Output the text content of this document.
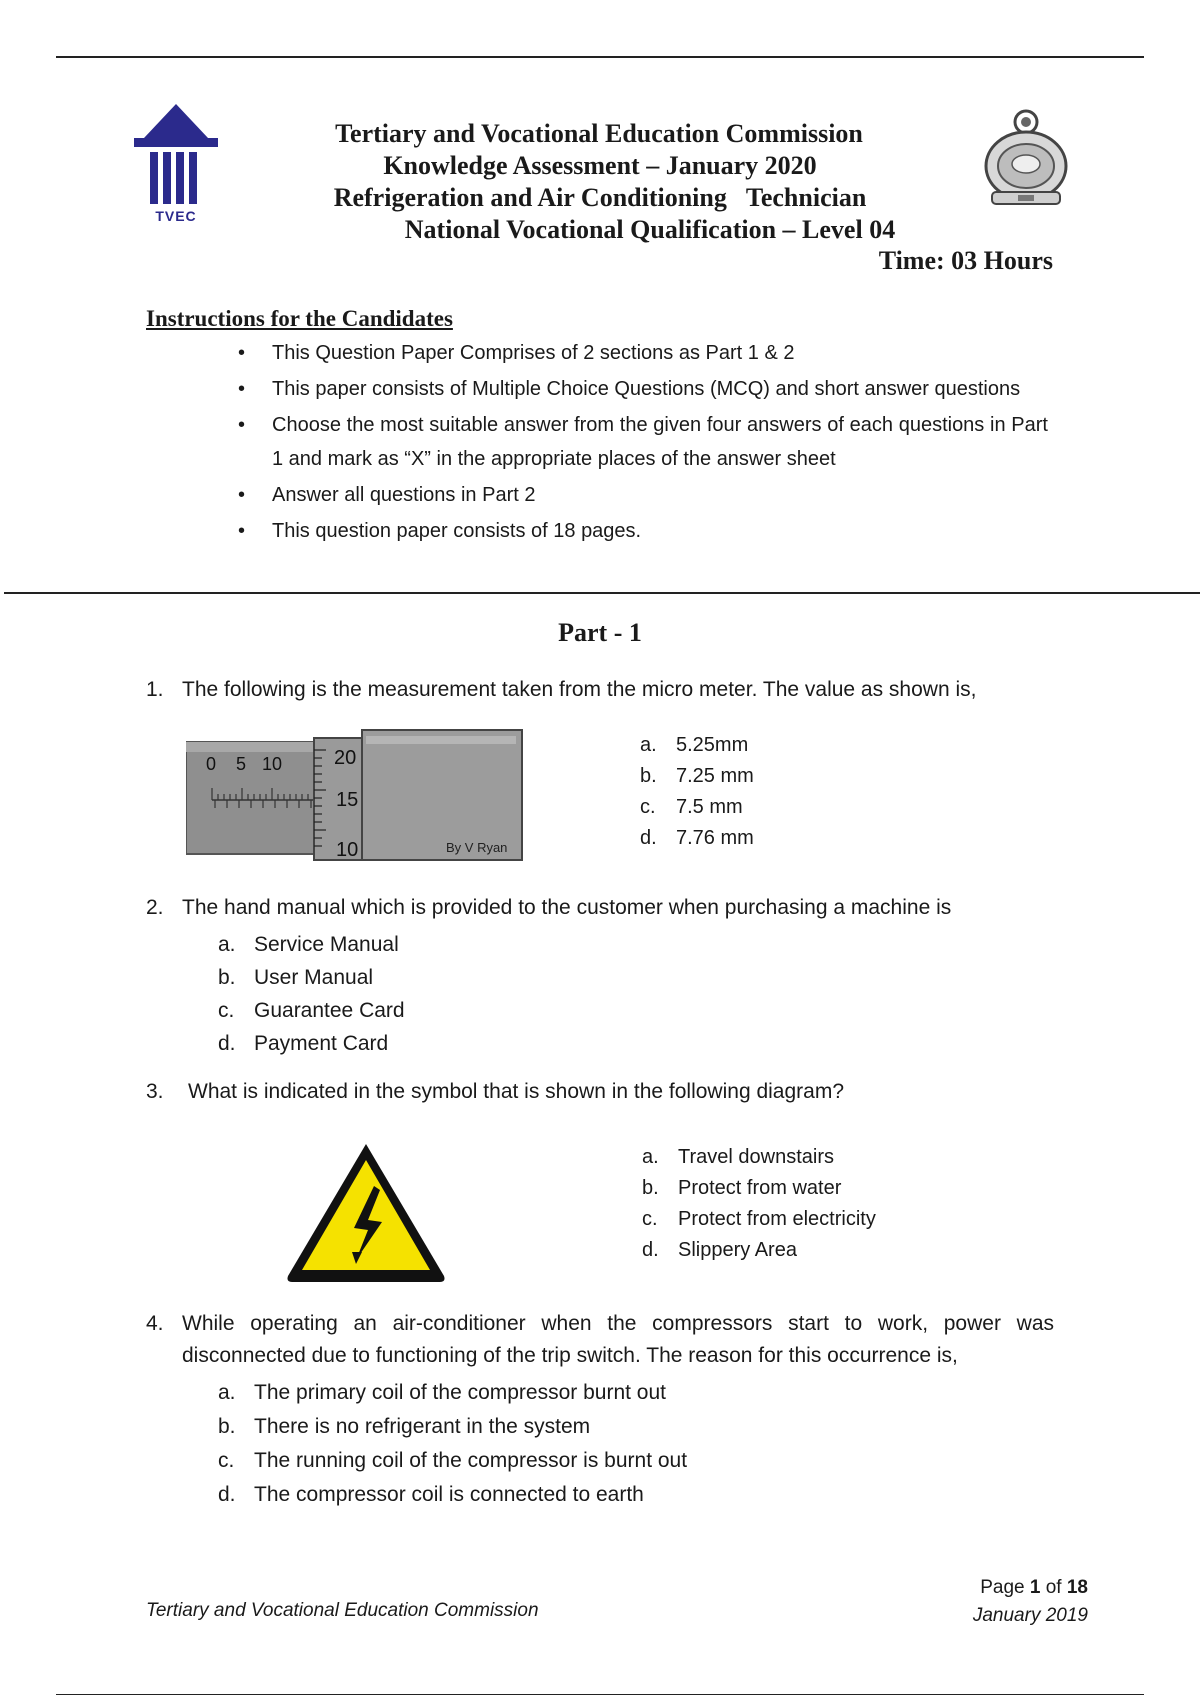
TVEC
Tertiary and Vocational Education Commission
Knowledge Assessment – January 2020
Refrigeration and Air Conditioning   Technician
National Vocational Qualification – Level 04
Time: 03 Hours
Instructions for the Candidates
• This Question Paper Comprises of 2 sections as Part 1 & 2
• This paper consists of Multiple Choice Questions (MCQ) and short answer questions
• Choose the most suitable answer from the given four answers of each questions in Part 1 and mark as “X” in the appropriate places of the answer sheet
• Answer all questions in Part 2
• This question paper consists of 18 pages.
Part - 1
1. The following is the measurement taken from the micro meter. The value as shown is,
0 5 10	20
15
10	By V Ryan
a. 5.25mm
b. 7.25 mm
c. 7.5 mm
d. 7.76 mm
2. The hand manual which is provided to the customer when purchasing a machine is
a. Service Manual
b. User Manual
c. Guarantee Card
d. Payment Card
3. What is indicated in the symbol that is shown in the following diagram?
a. Travel downstairs
b. Protect from water
c. Protect from electricity
d. Slippery Area
4. While operating an air-conditioner when the compressors start to work, power was disconnected due to functioning of the trip switch. The reason for this occurrence is,
a. The primary coil of the compressor burnt out
b. There is no refrigerant in the system
c. The running coil of the compressor is burnt out
d. The compressor coil is connected to earth
Page 1 of 18
January 2019
Tertiary and Vocational Education Commission
